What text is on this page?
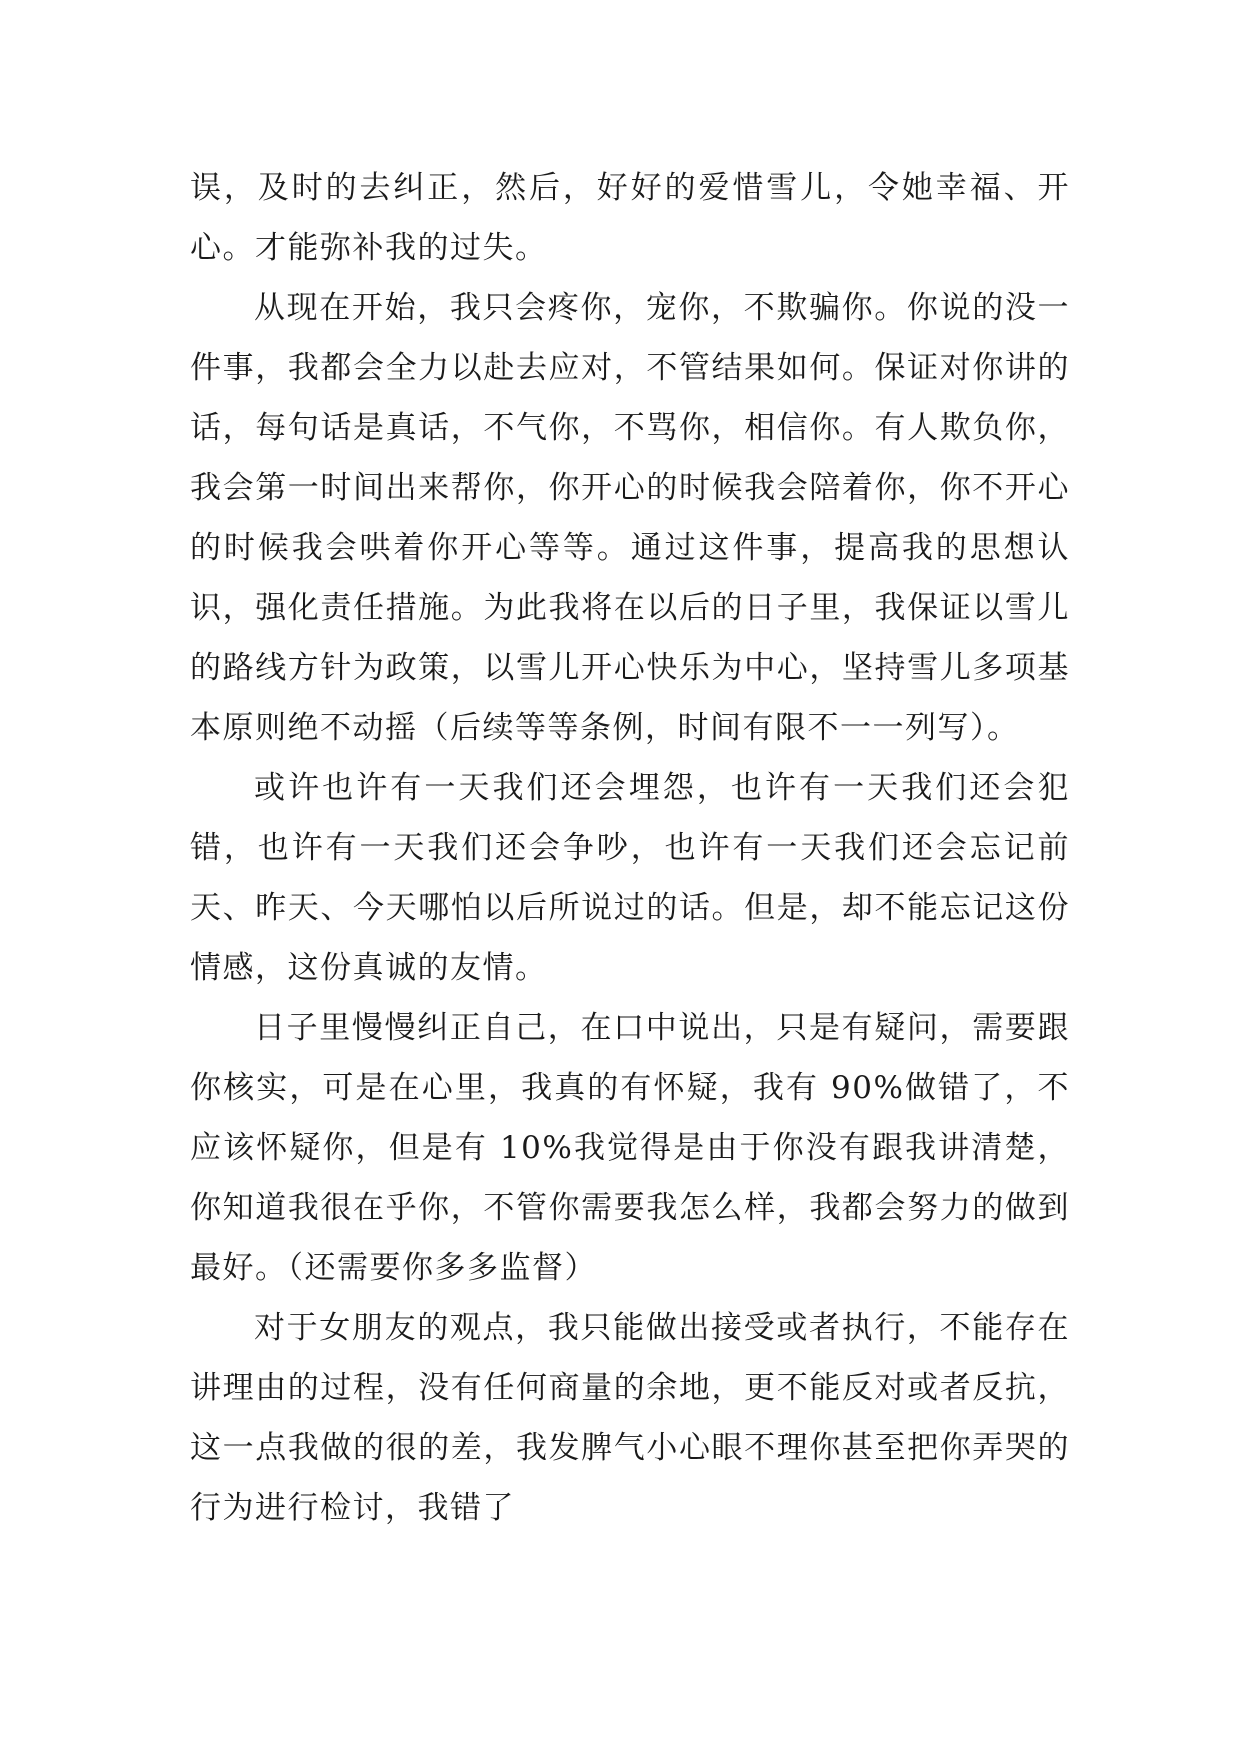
误，及时的去纠正，然后，好好的爱惜雪儿，令她幸福、开心。才能弥补我的过失。

从现在开始，我只会疼你，宠你，不欺骗你。你说的没一件事，我都会全力以赴去应对，不管结果如何。保证对你讲的话，每句话是真话，不气你，不骂你，相信你。有人欺负你，我会第一时间出来帮你，你开心的时候我会陪着你，你不开心的时候我会哄着你开心等等。通过这件事，提高我的思想认识，强化责任措施。为此我将在以后的日子里，我保证以雪儿的路线方针为政策，以雪儿开心快乐为中心，坚持雪儿多项基本原则绝不动摇（后续等等条例，时间有限不一一列写）。

或许也许有一天我们还会埋怨，也许有一天我们还会犯错，也许有一天我们还会争吵，也许有一天我们还会忘记前天、昨天、今天哪怕以后所说过的话。但是，却不能忘记这份情感，这份真诚的友情。

日子里慢慢纠正自己，在口中说出，只是有疑问，需要跟你核实，可是在心里，我真的有怀疑，我有 90%做错了，不应该怀疑你，但是有 10%我觉得是由于你没有跟我讲清楚，你知道我很在乎你，不管你需要我怎么样，我都会努力的做到最好。（还需要你多多监督）

对于女朋友的观点，我只能做出接受或者执行，不能存在讲理由的过程，没有任何商量的余地，更不能反对或者反抗，这一点我做的很的差，我发脾气小心眼不理你甚至把你弄哭的行为进行检讨，我错了
